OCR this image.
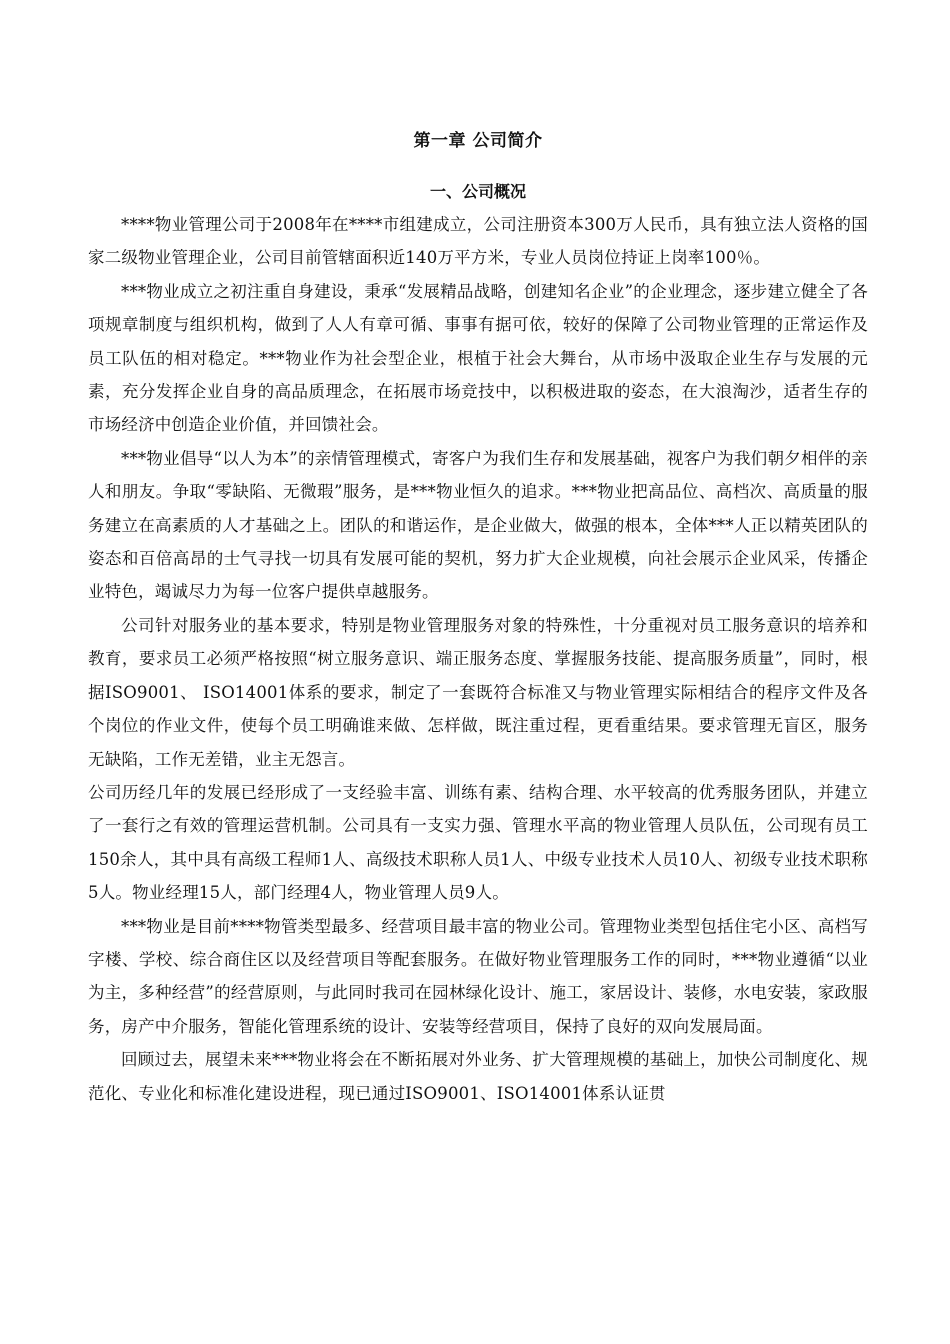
第一章 公司简介
一、公司概况

****物业管理公司于2008年在****市组建成立，公司注册资本300万人民币，具有独立法人资格的国家二级物业管理企业，公司目前管辖面积近140万平方米，专业人员岗位持证上岗率100％。

***物业成立之初注重自身建设，秉承“发展精品战略，创建知名企业”的企业理念，逐步建立健全了各项规章制度与组织机构，做到了人人有章可循、事事有据可依，较好的保障了公司物业管理的正常运作及员工队伍的相对稳定。***物业作为社会型企业，根植于社会大舞台，从市场中汲取企业生存与发展的元素，充分发挥企业自身的高品质理念，在拓展市场竞技中，以积极进取的姿态，在大浪淘沙，适者生存的市场经济中创造企业价值，并回馈社会。

***物业倡导“以人为本”的亲情管理模式，寄客户为我们生存和发展基础，视客户为我们朝夕相伴的亲人和朋友。争取“零缺陷、无微瑕”服务，是***物业恒久的追求。***物业把高品位、高档次、高质量的服务建立在高素质的人才基础之上。团队的和谐运作，是企业做大，做强的根本，全体***人正以精英团队的姿态和百倍高昂的士气寻找一切具有发展可能的契机，努力扩大企业规模，向社会展示企业风采，传播企业特色，竭诚尽力为每一位客户提供卓越服务。

公司针对服务业的基本要求，特别是物业管理服务对象的特殊性，十分重视对员工服务意识的培养和教育，要求员工必须严格按照“树立服务意识、端正服务态度、掌握服务技能、提高服务质量”，同时，根据ISO9001、 ISO14001体系的要求，制定了一套既符合标准又与物业管理实际相结合的程序文件及各个岗位的作业文件，使每个员工明确谁来做、怎样做，既注重过程，更看重结果。要求管理无盲区，服务无缺陷，工作无差错，业主无怨言。

公司历经几年的发展已经形成了一支经验丰富、训练有素、结构合理、水平较高的优秀服务团队，并建立了一套行之有效的管理运营机制。公司具有一支实力强、管理水平高的物业管理人员队伍，公司现有员工150余人，其中具有高级工程师1人、高级技术职称人员1人、中级专业技术人员10人、初级专业技术职称5人。物业经理15人，部门经理4人，物业管理人员9人。

***物业是目前****物管类型最多、经营项目最丰富的物业公司。管理物业类型包括住宅小区、高档写字楼、学校、综合商住区以及经营项目等配套服务。在做好物业管理服务工作的同时，***物业遵循“以业为主，多种经营”的经营原则，与此同时我司在园林绿化设计、施工，家居设计、装修，水电安装，家政服务，房产中介服务，智能化管理系统的设计、安装等经营项目，保持了良好的双向发展局面。

回顾过去，展望未来***物业将会在不断拓展对外业务、扩大管理规模的基础上，加快公司制度化、规范化、专业化和标准化建设进程，现已通过ISO9001、ISO14001体系认证贯
